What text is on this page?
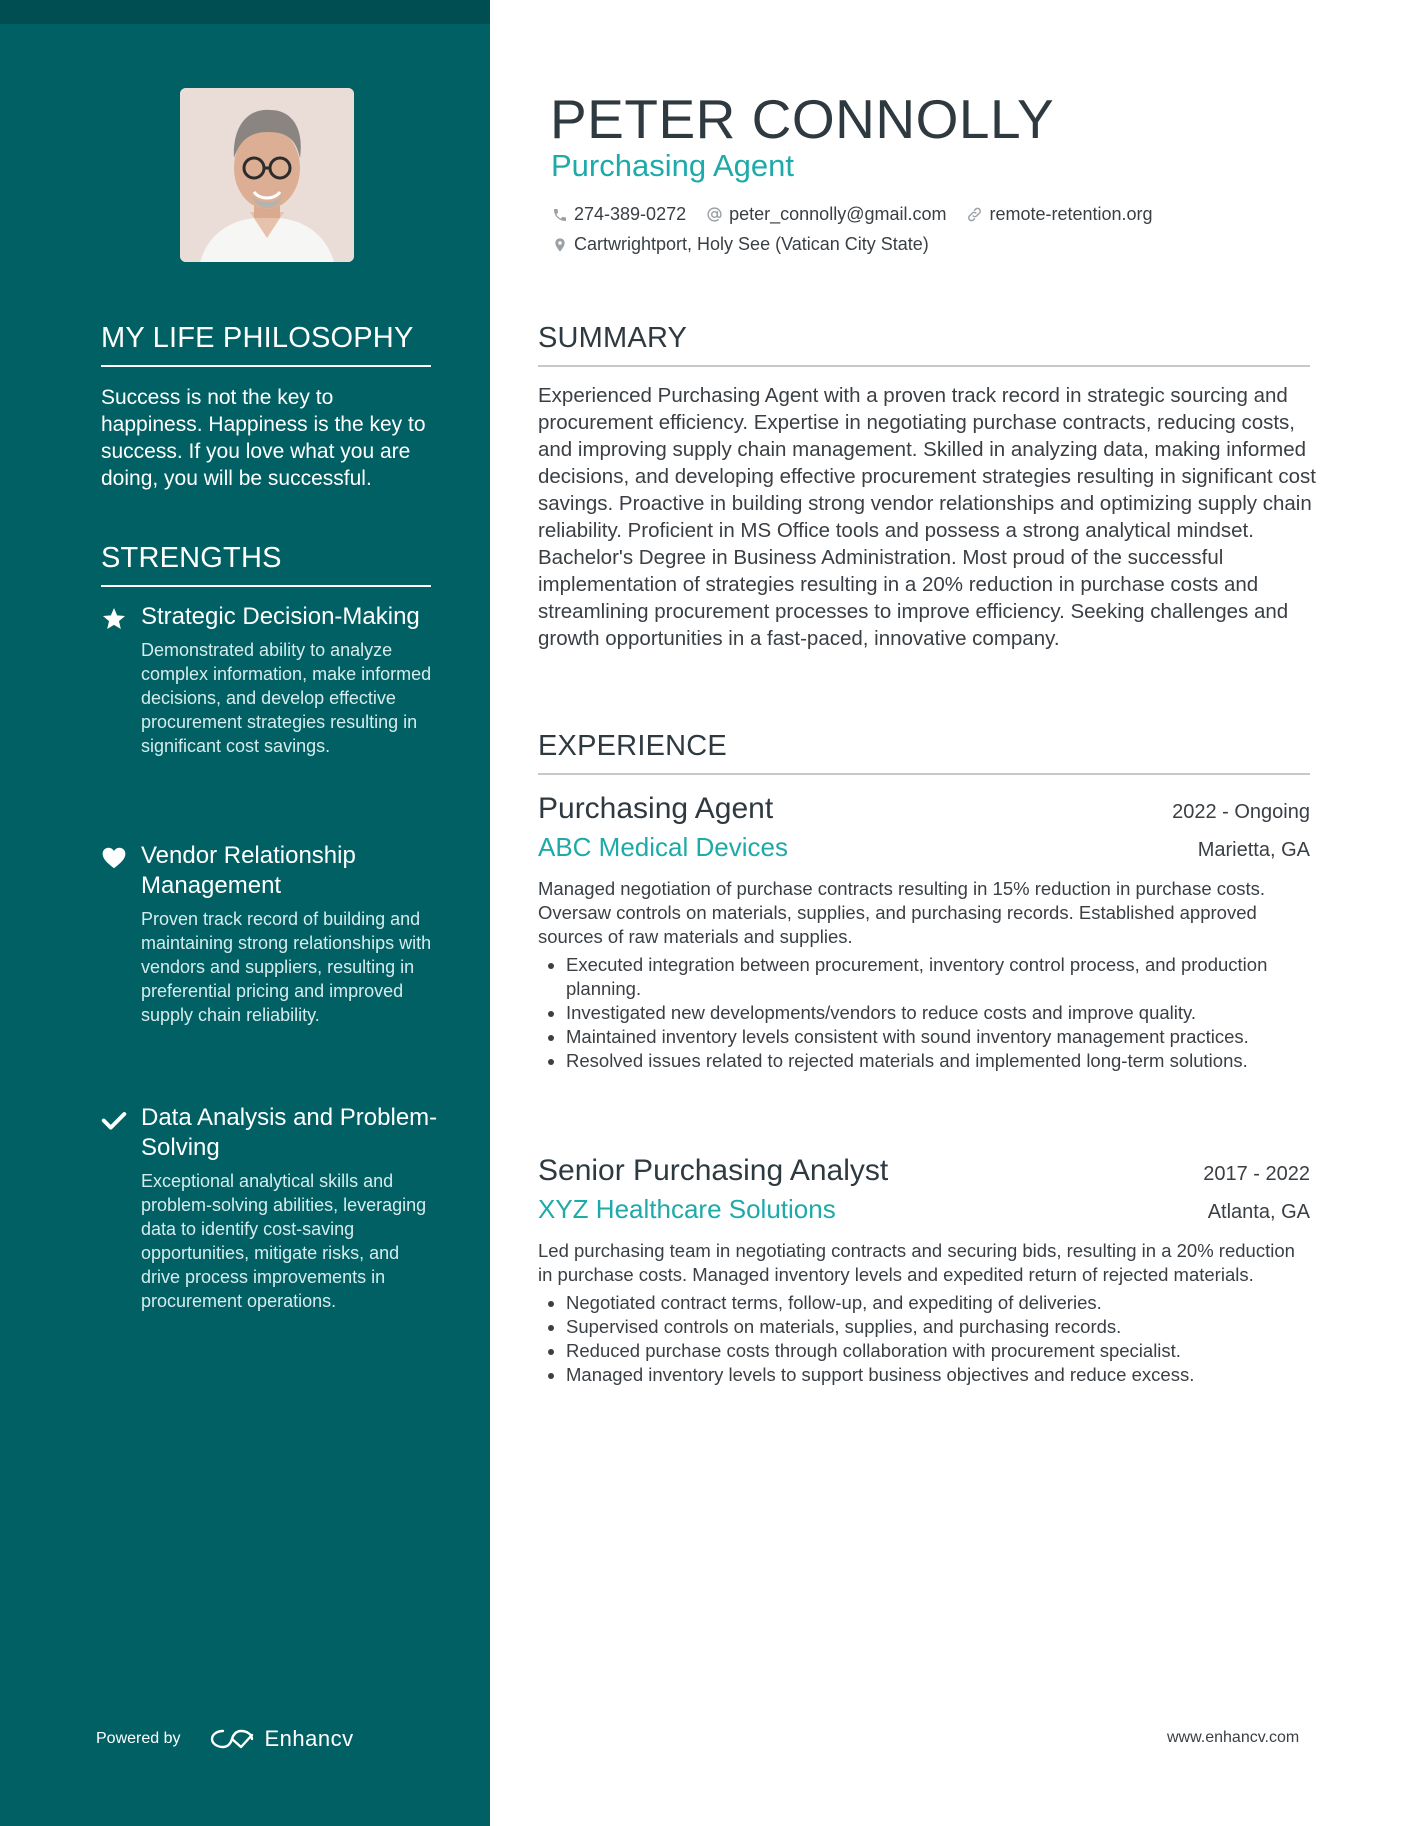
MY LIFE PHILOSOPHY
Success is not the key to happiness. Happiness is the key to success. If you love what you are doing, you will be successful.
STRENGTHS
Strategic Decision-Making
Demonstrated ability to analyze complex information, make informed decisions, and develop effective procurement strategies resulting in significant cost savings.
Vendor Relationship Management
Proven track record of building and maintaining strong relationships with vendors and suppliers, resulting in preferential pricing and improved supply chain reliability.
Data Analysis and Problem-Solving
Exceptional analytical skills and problem-solving abilities, leveraging data to identify cost-saving opportunities, mitigate risks, and drive process improvements in procurement operations.
Powered by	Enhancv
PETER CONNOLLY
Purchasing Agent
274-389-0272 peter_connolly@gmail.com remote-retention.org
Cartwrightport, Holy See (Vatican City State)
SUMMARY
Experienced Purchasing Agent with a proven track record in strategic sourcing and procurement efficiency. Expertise in negotiating purchase contracts, reducing costs, and improving supply chain management. Skilled in analyzing data, making informed decisions, and developing effective procurement strategies resulting in significant cost savings. Proactive in building strong vendor relationships and optimizing supply chain reliability. Proficient in MS Office tools and possess a strong analytical mindset. Bachelor's Degree in Business Administration. Most proud of the successful implementation of strategies resulting in a 20% reduction in purchase costs and streamlining procurement processes to improve efficiency. Seeking challenges and growth opportunities in a fast-paced, innovative company.
EXPERIENCE
Purchasing Agent	2022 - Ongoing
ABC Medical Devices	Marietta, GA
Managed negotiation of purchase contracts resulting in 15% reduction in purchase costs. Oversaw controls on materials, supplies, and purchasing records. Established approved sources of raw materials and supplies.
• Executed integration between procurement, inventory control process, and production planning.
• Investigated new developments/vendors to reduce costs and improve quality.
• Maintained inventory levels consistent with sound inventory management practices.
• Resolved issues related to rejected materials and implemented long-term solutions.
Senior Purchasing Analyst	2017 - 2022
XYZ Healthcare Solutions	Atlanta, GA
Led purchasing team in negotiating contracts and securing bids, resulting in a 20% reduction in purchase costs. Managed inventory levels and expedited return of rejected materials.
• Negotiated contract terms, follow-up, and expediting of deliveries.
• Supervised controls on materials, supplies, and purchasing records.
• Reduced purchase costs through collaboration with procurement specialist.
• Managed inventory levels to support business objectives and reduce excess.
www.enhancv.com
